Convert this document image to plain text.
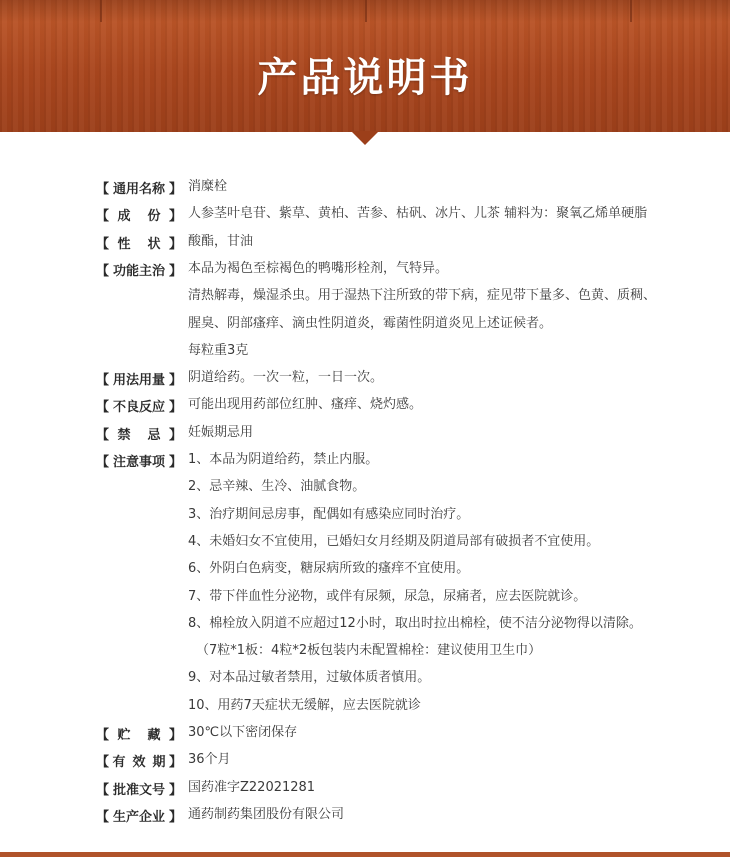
产品说明书
【 通用名称 】 消糜栓
【 成 份 】 人参茎叶皂苷、紫草、黄柏、苦参、枯矾、冰片、儿茶 辅料为：聚氧乙烯单硬脂
【 性 状 】 酸酯，甘油
【 功能主治 】 本品为褐色至棕褐色的鸭嘴形栓剂，气特异。
清热解毒，燥湿杀虫。用于湿热下注所致的带下病，症见带下量多、色黄、质稠、
腥臭、阴部瘙痒、滴虫性阴道炎，霉菌性阴道炎见上述证候者。
每粒重3克
【 用法用量 】 阴道给药。一次一粒，一日一次。
【 不良反应 】 可能出现用药部位红肿、瘙痒、烧灼感。
【 禁 忌 】 妊娠期忌用
【 注意事项 】 1、本品为阴道给药，禁止内服。
2、忌辛辣、生冷、油腻食物。
3、治疗期间忌房事，配偶如有感染应同时治疗。
4、未婚妇女不宜使用，已婚妇女月经期及阴道局部有破损者不宜使用。
6、外阴白色病变，糖尿病所致的瘙痒不宜使用。
7、带下伴血性分泌物，或伴有尿频，尿急，尿痛者，应去医院就诊。
8、棉栓放入阴道不应超过12小时，取出时拉出棉栓，使不洁分泌物得以清除。
（7粒*1板：4粒*2板包装内未配置棉栓：建议使用卫生巾）
9、对本品过敏者禁用，过敏体质者慎用。
10、用药7天症状无缓解，应去医院就诊
【 贮 藏 】 30℃以下密闭保存
【 有 效 期 】 36个月
【 批准文号 】 国药准字Z22021281
【 生产企业 】 通药制药集团股份有限公司
